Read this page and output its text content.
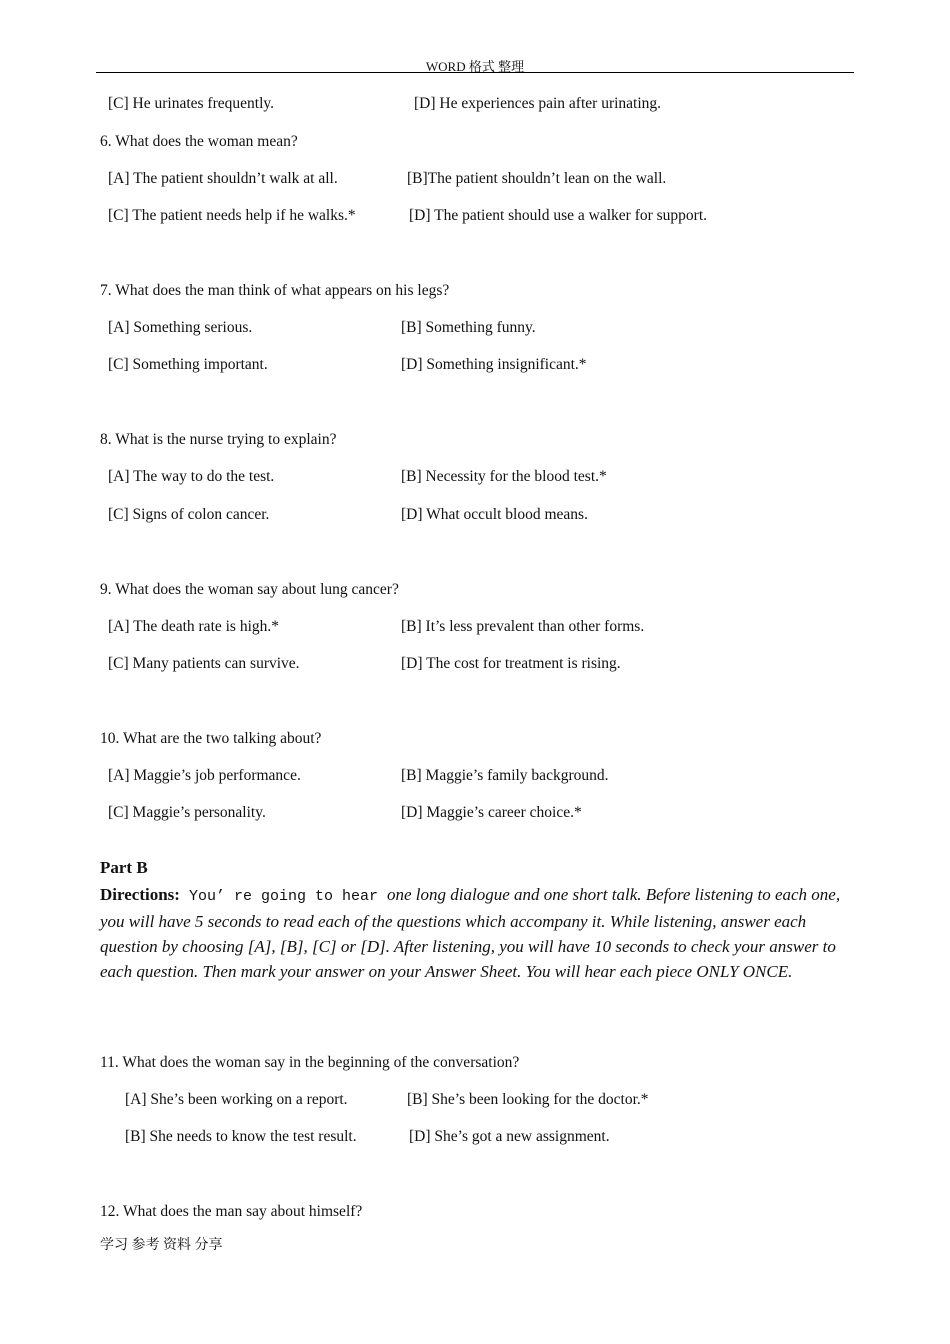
WORD 格式 整理
[C] He urinates frequently.	[D] He experiences pain after urinating.
6. What does the woman mean?
[A] The patient shouldn’t walk at all.	[B]The patient shouldn’t lean on the wall.
[C] The patient needs help if he walks.*	[D] The patient should use a walker for support.
7. What does the man think of what appears on his legs?
[A] Something serious.	[B] Something funny.
[C] Something important.	[D] Something insignificant.*
8. What is the nurse trying to explain?
[A] The way to do the test.	[B] Necessity for the blood test.*
[C] Signs of colon cancer.	[D] What occult blood means.
9. What does the woman say about lung cancer?
[A] The death rate is high.*	[B] It’s less prevalent than other forms.
[C] Many patients can survive.	[D] The cost for treatment is rising.
10. What are the two talking about?
[A] Maggie’s job performance.	[B] Maggie’s family background.
[C] Maggie’s personality.	[D] Maggie’s career choice.*
Part B
Directions: You’ re going to hear one long dialogue and one short talk. Before listening to each one, you will have 5 seconds to read each of the questions which accompany it. While listening, answer each question by choosing [A], [B], [C] or [D]. After listening, you will have 10 seconds to check your answer to each question. Then mark your answer on your Answer Sheet. You will hear each piece ONLY ONCE.
11. What does the woman say in the beginning of the conversation?
[A] She’s been working on a report.	[B] She’s been looking for the doctor.*
[B] She needs to know the test result.	[D] She’s got a new assignment.
12. What does the man say about himself?
学习 参考 资料 分享
